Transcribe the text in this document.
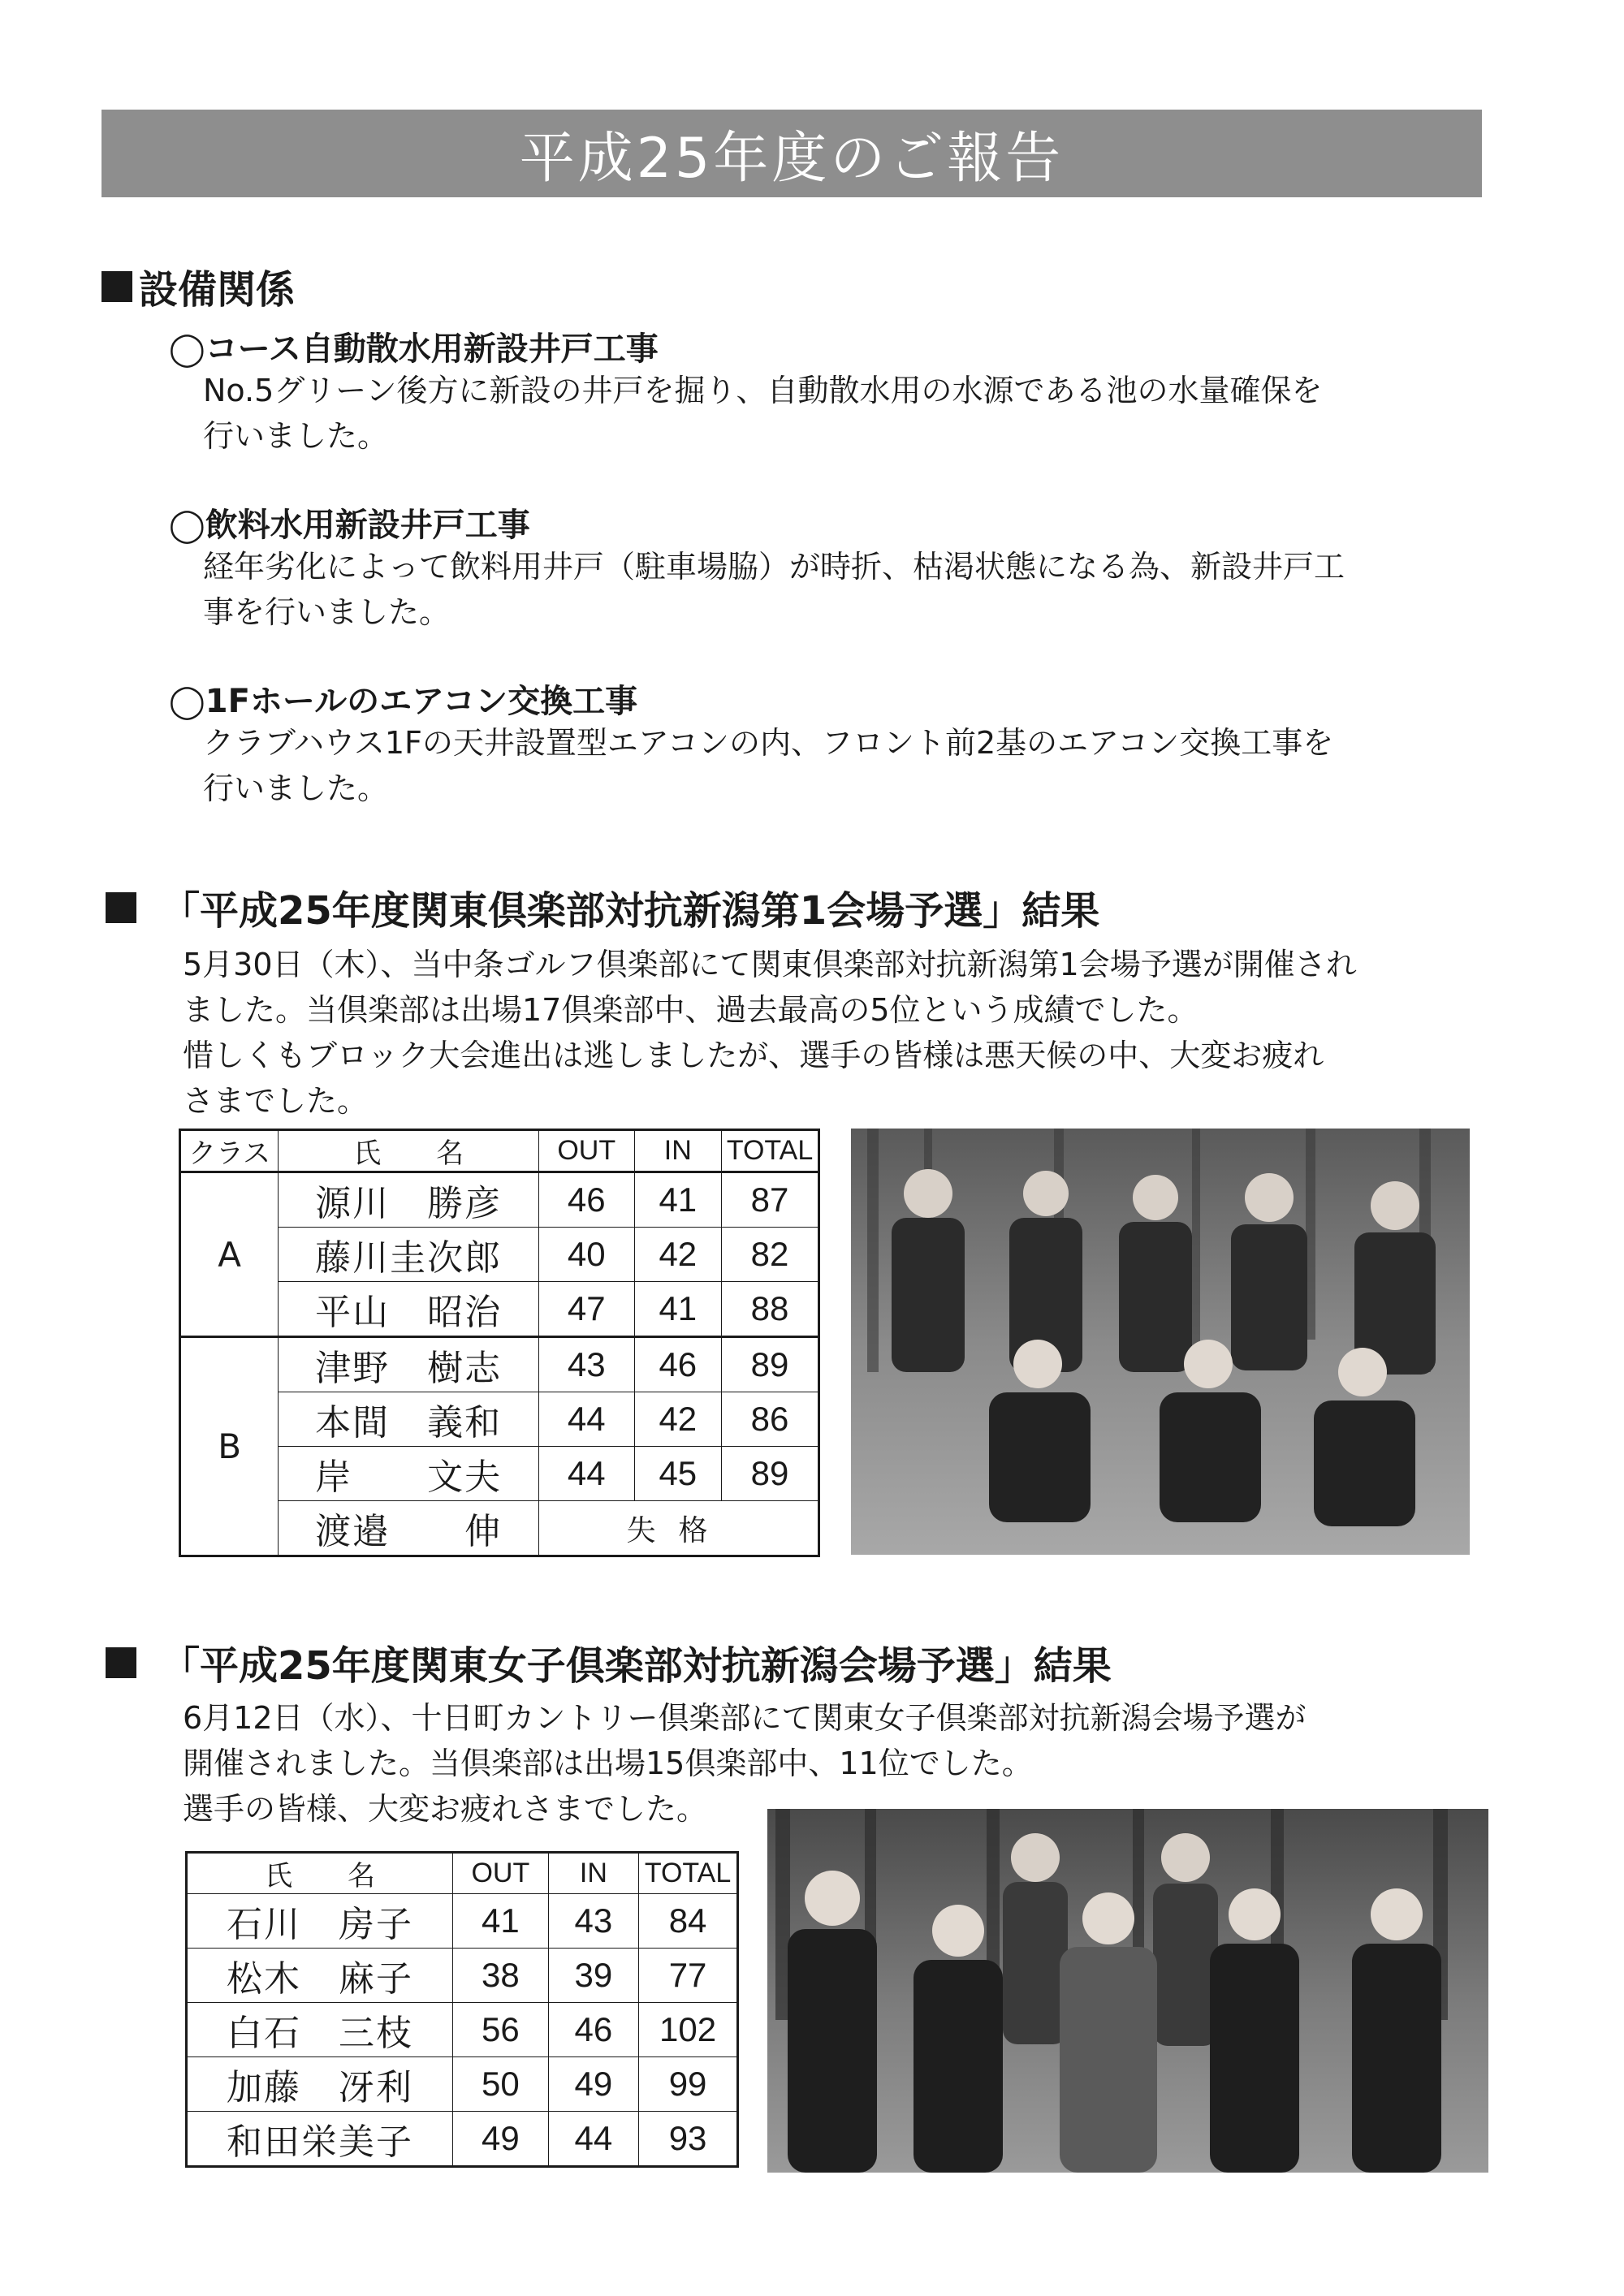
平成25年度のご報告
設備関係
◯コース自動散水用新設井戸工事
No.5グリーン後方に新設の井戸を掘り、自動散水用の水源である池の水量確保を
行いました。
◯飲料水用新設井戸工事
経年劣化によって飲料用井戸（駐車場脇）が時折、枯渇状態になる為、新設井戸工
事を行いました。
◯1Fホールのエアコン交換工事
クラブハウス1Fの天井設置型エアコンの内、フロント前2基のエアコン交換工事を
行いました。
「平成25年度関東倶楽部対抗新潟第1会場予選」結果
5月30日（木）、当中条ゴルフ倶楽部にて関東倶楽部対抗新潟第1会場予選が開催され
ました。当倶楽部は出場17倶楽部中、過去最高の5位という成績でした。
惜しくもブロック大会進出は逃しましたが、選手の皆様は悪天候の中、大変お疲れ
さまでした。
クラス	氏　　名	OUT	IN	TOTAL
A	源川　勝彦	46	41	87
	藤川圭次郎	40	42	82
	平山　昭治	47	41	88
B	津野　樹志	43	46	89
	本間　義和	44	42	86
	岸　　文夫	44	45	89
	渡邉　　伸	失格		
「平成25年度関東女子倶楽部対抗新潟会場予選」結果
6月12日（水）、十日町カントリー倶楽部にて関東女子倶楽部対抗新潟会場予選が
開催されました。当倶楽部は出場15倶楽部中、11位でした。
選手の皆様、大変お疲れさまでした。
氏　　名	OUT	IN	TOTAL
石川　房子	41	43	84
松木　麻子	38	39	77
白石　三枝	56	46	102
加藤　冴利	50	49	99
和田栄美子	49	44	93
